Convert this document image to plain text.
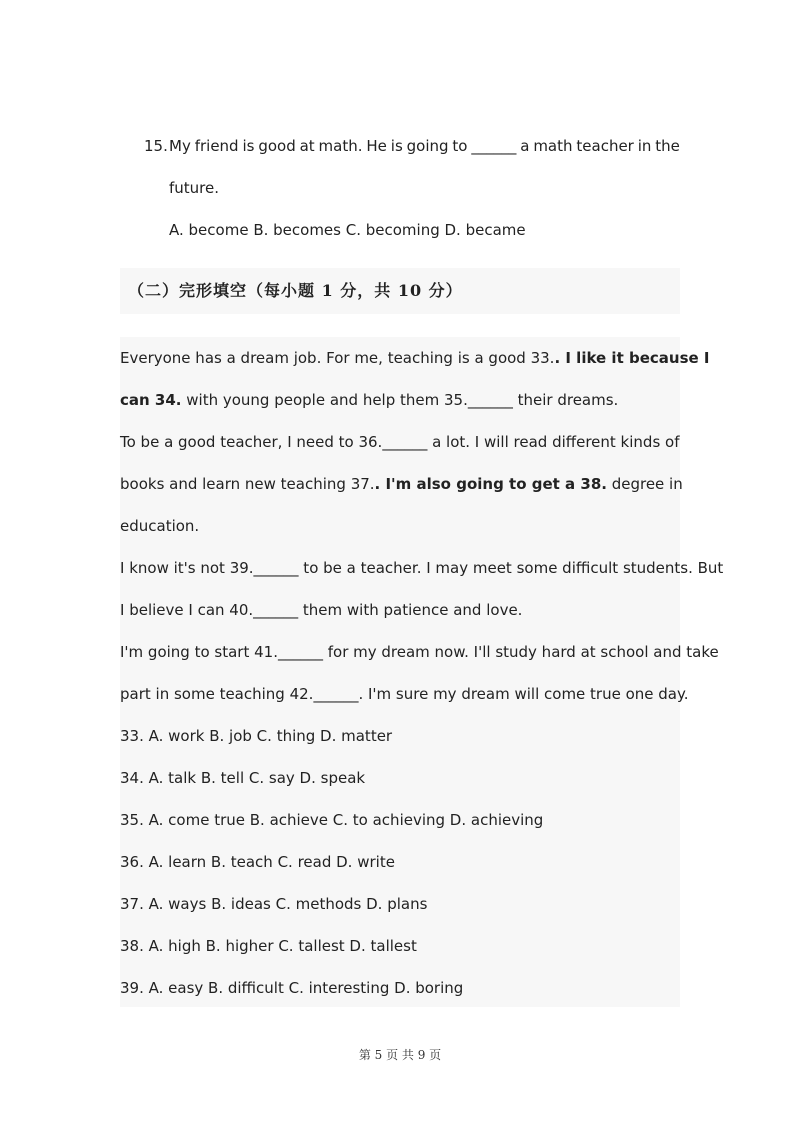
15. My friend is good at math. He is going to ______ a math teacher in the
future.
A. become B. becomes C. becoming D. became
（二）完形填空（每小题 1 分，共 10 分）
Everyone has a dream job. For me, teaching is a good 33.. I like it because I
can 34. with young people and help them 35.______ their dreams.
To be a good teacher, I need to 36.______ a lot. I will read different kinds of
books and learn new teaching 37.. I'm also going to get a 38. degree in
education.
I know it's not 39.______ to be a teacher. I may meet some difficult students. But
I believe I can 40.______ them with patience and love.
I'm going to start 41.______ for my dream now. I'll study hard at school and take
part in some teaching 42.______. I'm sure my dream will come true one day.
33. A. work B. job C. thing D. matter
34. A. talk B. tell C. say D. speak
35. A. come true B. achieve C. to achieving D. achieving
36. A. learn B. teach C. read D. write
37. A. ways B. ideas C. methods D. plans
38. A. high B. higher C. tallest D. tallest
39. A. easy B. difficult C. interesting D. boring
第 5 页 共 9 页
